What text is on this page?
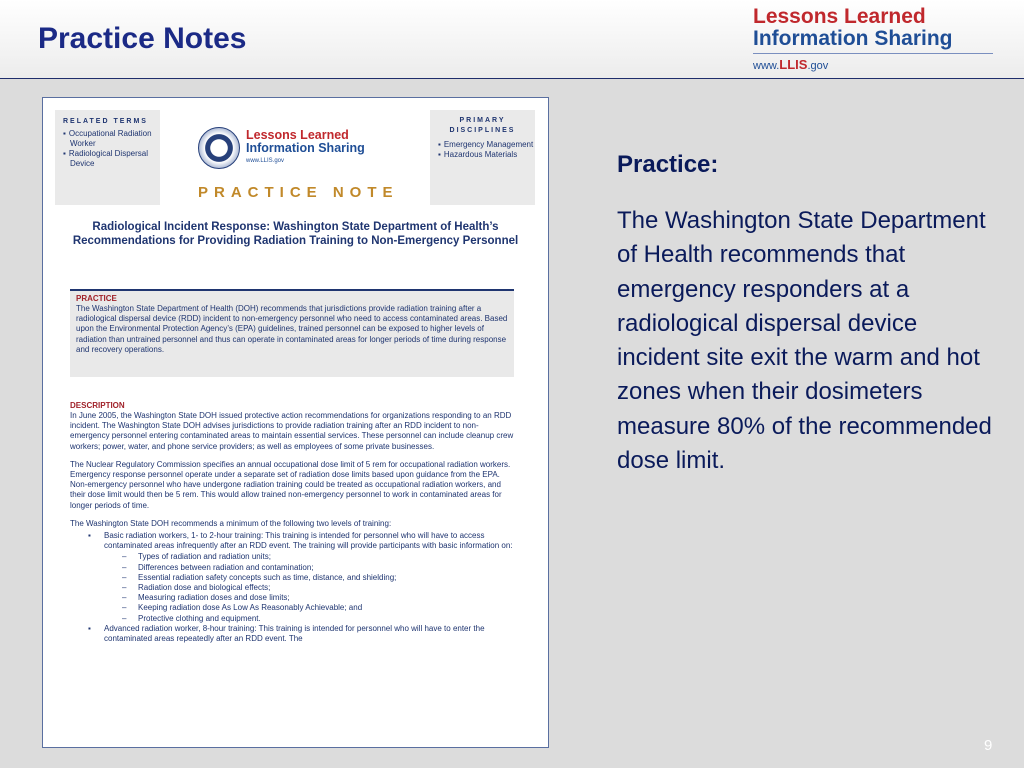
Practice Notes
Lessons Learned
Information Sharing
www.LLIS.gov
RELATED TERMS
▪ Occupational Radiation Worker
▪ Radiological Dispersal Device
PRIMARY DISCIPLINES
▪ Emergency Management
▪ Hazardous Materials
Lessons Learned
Information Sharing
www.LLIS.gov
PRACTICE NOTE
Radiological Incident Response: Washington State Department of Health’s Recommendations for Providing Radiation Training to Non-Emergency Personnel
PRACTICE

The Washington State Department of Health (DOH) recommends that jurisdictions provide radiation training after a radiological dispersal device (RDD) incident to non-emergency personnel who need to access contaminated areas. Based upon the Environmental Protection Agency’s (EPA) guidelines, trained personnel can be exposed to higher levels of radiation than untrained personnel and thus can operate in contaminated areas for longer periods of time during response and recovery operations.

DESCRIPTION

In June 2005, the Washington State DOH issued protective action recommendations for organizations responding to an RDD incident. The Washington State DOH advises jurisdictions to provide radiation training after an RDD incident to non-emergency personnel entering contaminated areas to maintain essential services. These personnel can include cleanup crew workers; power, water, and phone service providers; as well as employees of some private businesses.

The Nuclear Regulatory Commission specifies an annual occupational dose limit of 5 rem for occupational radiation workers. Emergency response personnel operate under a separate set of radiation dose limits based upon guidance from the EPA. Non-emergency personnel who have undergone radiation training could be treated as occupational radiation workers, and their dose limit would then be 5 rem. This would allow trained non-emergency personnel to work in contaminated areas for longer periods of time.

The Washington State DOH recommends a minimum of the following two levels of training:

▪ Basic radiation workers, 1- to 2-hour training: This training is intended for personnel who will have to access contaminated areas infrequently after an RDD event. The training will provide participants with basic information on:
– Types of radiation and radiation units;
– Differences between radiation and contamination;
– Essential radiation safety concepts such as time, distance, and shielding;
– Radiation dose and biological effects;
– Measuring radiation doses and dose limits;
– Keeping radiation dose As Low As Reasonably Achievable; and
– Protective clothing and equipment.
▪ Advanced radiation worker, 8-hour training: This training is intended for personnel who will have to enter the contaminated areas repeatedly after an RDD event. The
Practice:
The Washington State Department of Health recommends that emergency responders at a radiological dispersal device incident site exit the warm and hot zones when their dosimeters measure 80% of the recommended dose limit.
9
